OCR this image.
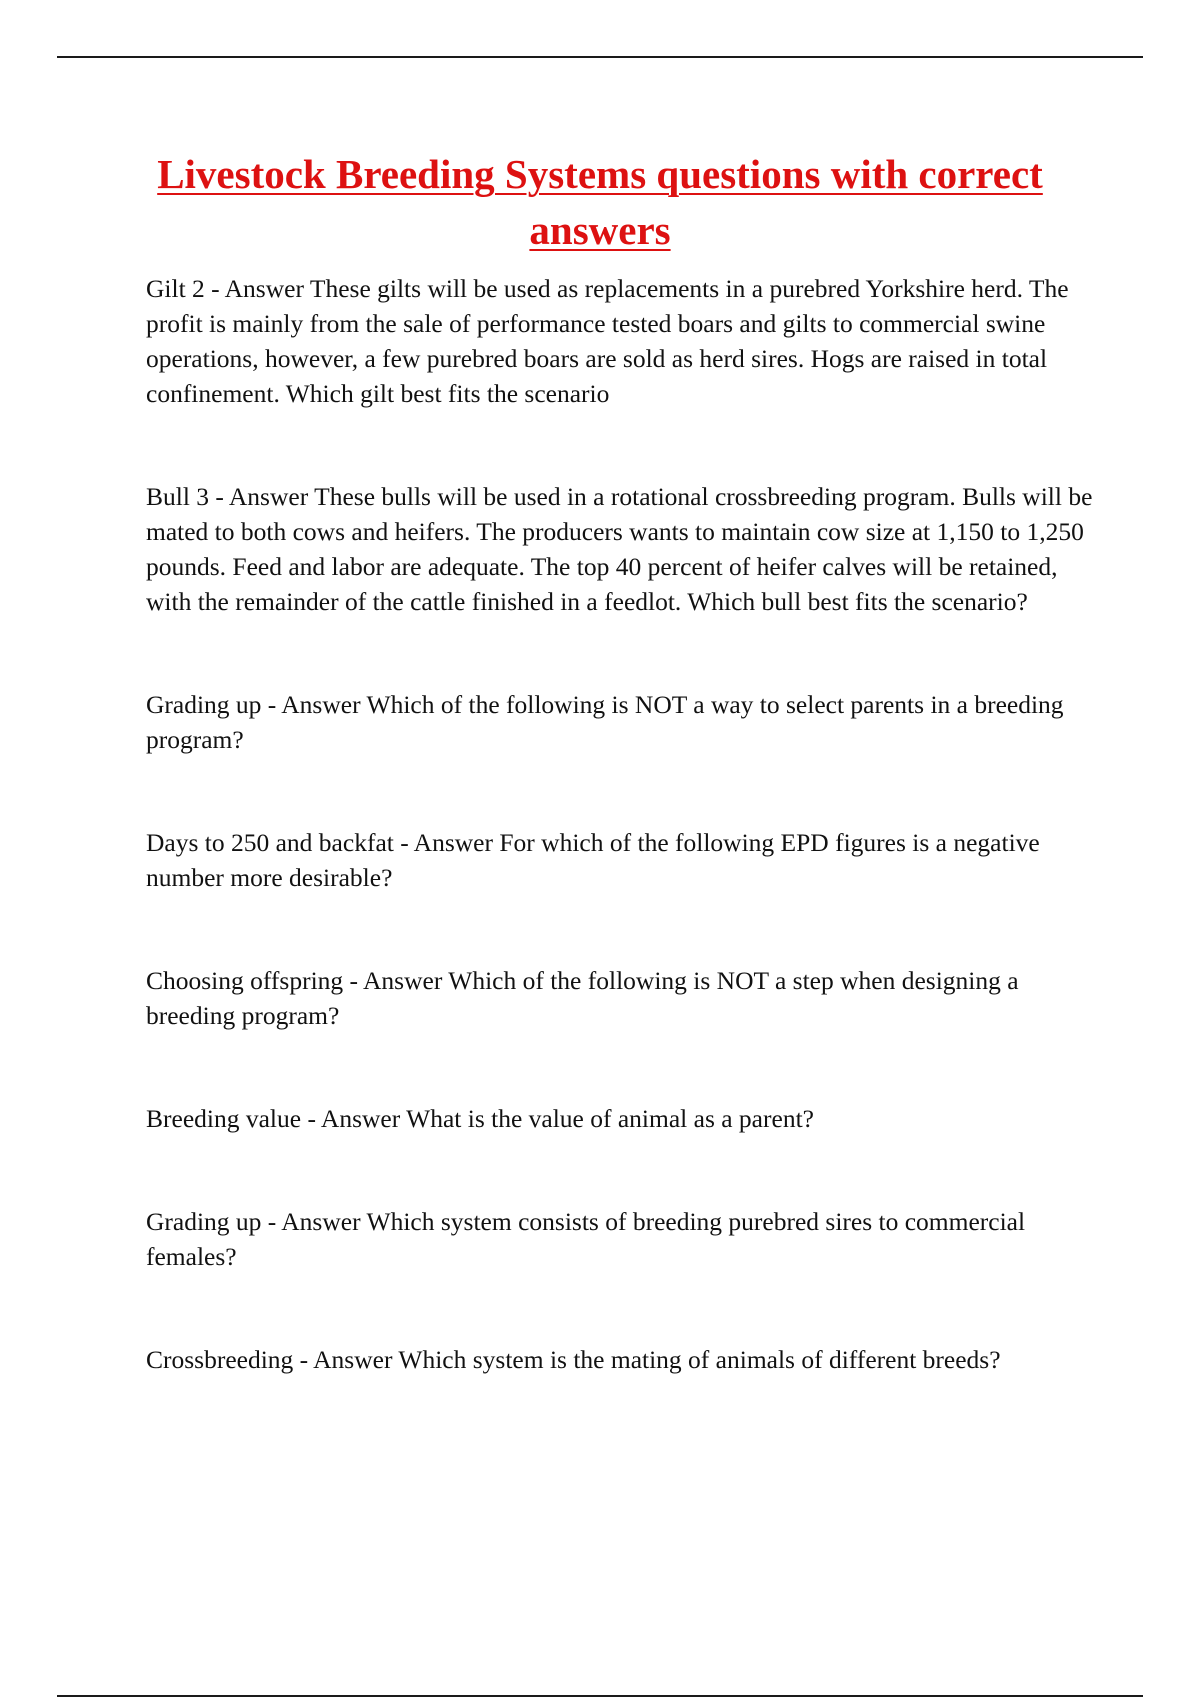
Livestock Breeding Systems questions with correct answers

Gilt 2 - Answer These gilts will be used as replacements in a purebred Yorkshire herd. The profit is mainly from the sale of performance tested boars and gilts to commercial swine operations, however, a few purebred boars are sold as herd sires. Hogs are raised in total confinement. Which gilt best fits the scenario

Bull 3 - Answer These bulls will be used in a rotational crossbreeding program. Bulls will be mated to both cows and heifers. The producers wants to maintain cow size at 1,150 to 1,250 pounds. Feed and labor are adequate. The top 40 percent of heifer calves will be retained, with the remainder of the cattle finished in a feedlot. Which bull best fits the scenario?

Grading up - Answer Which of the following is NOT a way to select parents in a breeding program?

Days to 250 and backfat - Answer For which of the following EPD figures is a negative number more desirable?

Choosing offspring - Answer Which of the following is NOT a step when designing a breeding program?

Breeding value - Answer What is the value of animal as a parent?

Grading up - Answer Which system consists of breeding purebred sires to commercial females?

Crossbreeding - Answer Which system is the mating of animals of different breeds?
